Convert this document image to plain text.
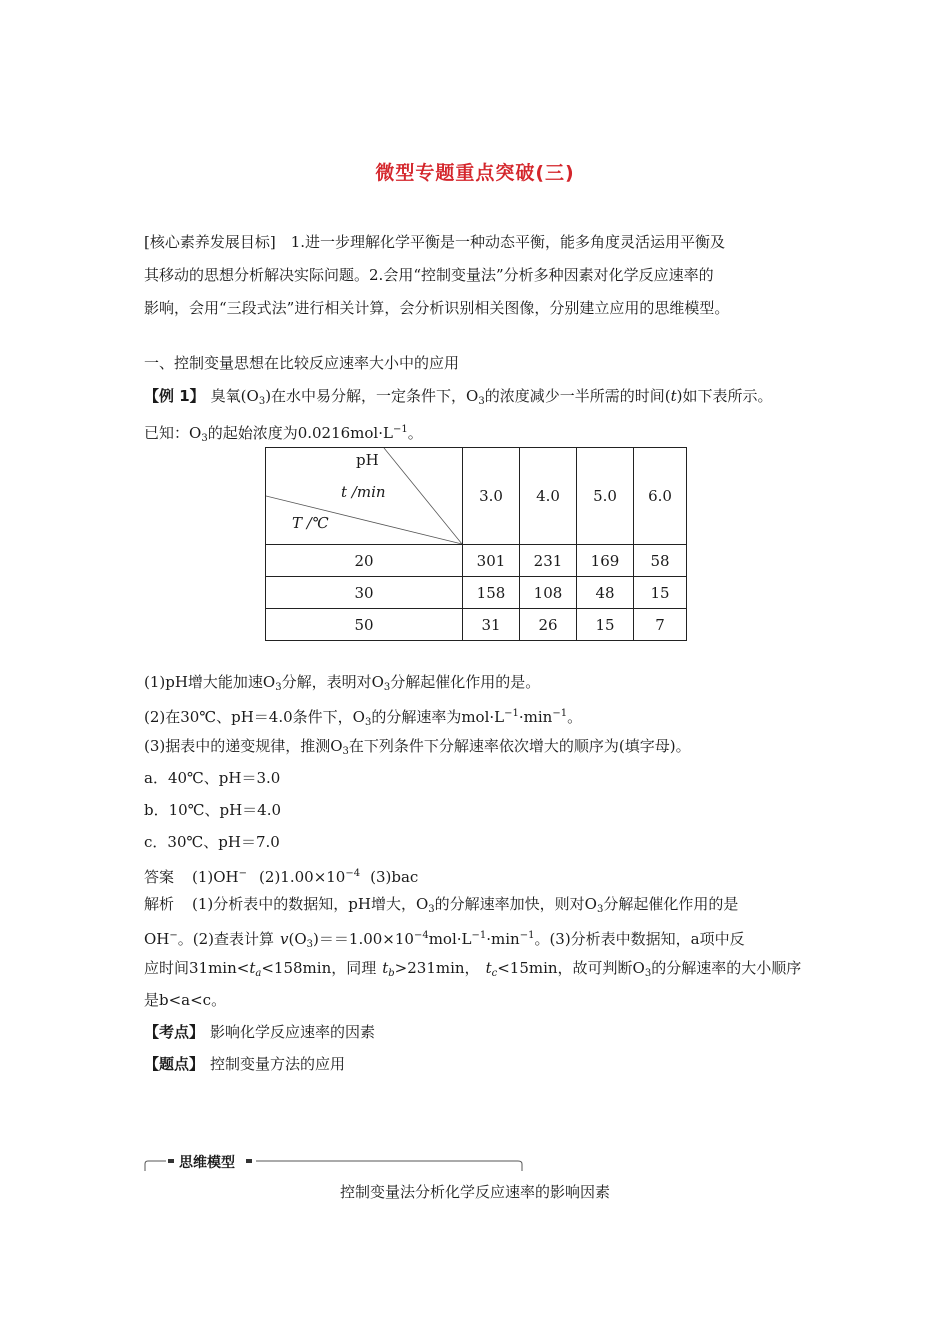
微型专题重点突破(三)
[核心素养发展目标]　1.进一步理解化学平衡是一种动态平衡，能多角度灵活运用平衡及
其移动的思想分析解决实际问题。2.会用“控制变量法”分析多种因素对化学反应速率的
影响，会用“三段式法”进行相关计算，会分析识别相关图像，分别建立应用的思维模型。
一、控制变量思想在比较反应速率大小中的应用
【例 1】 臭氧$(O_3)$在水中易分解，一定条件下，$O_3$的浓度减少一半所需的时间(t)如下表所示。
已知：$O_3$的起始浓度为$0.0216mol\cdot L^{-1}$。
pH
t /min
T /℃	3.0	4.0	5.0	6.0
20	301	231	169	58
30	158	108	48	15
50	31	26	15	7
(1)pH增大能加速$O_3$分解，表明对$O_3$分解起催化作用的是。
(2)在30℃、pH＝4.0条件下，$O_3$的分解速率为$mol\cdot L^{-1}\cdot\min^{-1}$。
(3)据表中的递变规律，推测$O_3$在下列条件下分解速率依次增大的顺序为(填字母)。
a．40℃、pH＝3.0
b．10℃、pH＝4.0
c．30℃、pH＝7.0
答案 (1)OH− $(2)1.00\times 10^{-4}$ (3)bac
解析 (1)分析表中的数据知，pH增大，$O_3$的分解速率加快，则对$O_3$分解起催化作用的是
OH−。(2)查表计算 $v(O_3)==1.00\times 10^{-4}mol\cdot L^{-1}\cdot\min^{-1}$。(3)分析表中数据知，a项中反
应时间$31\min<t_a<158\min$，同理 $t_b>231\min$， $t_c<15\min$，故可判断$O_3$的分解速率的大小顺序
是b<a<c。
【考点】 影响化学反应速率的因素
【题点】 控制变量方法的应用
思维模型
控制变量法分析化学反应速率的影响因素
